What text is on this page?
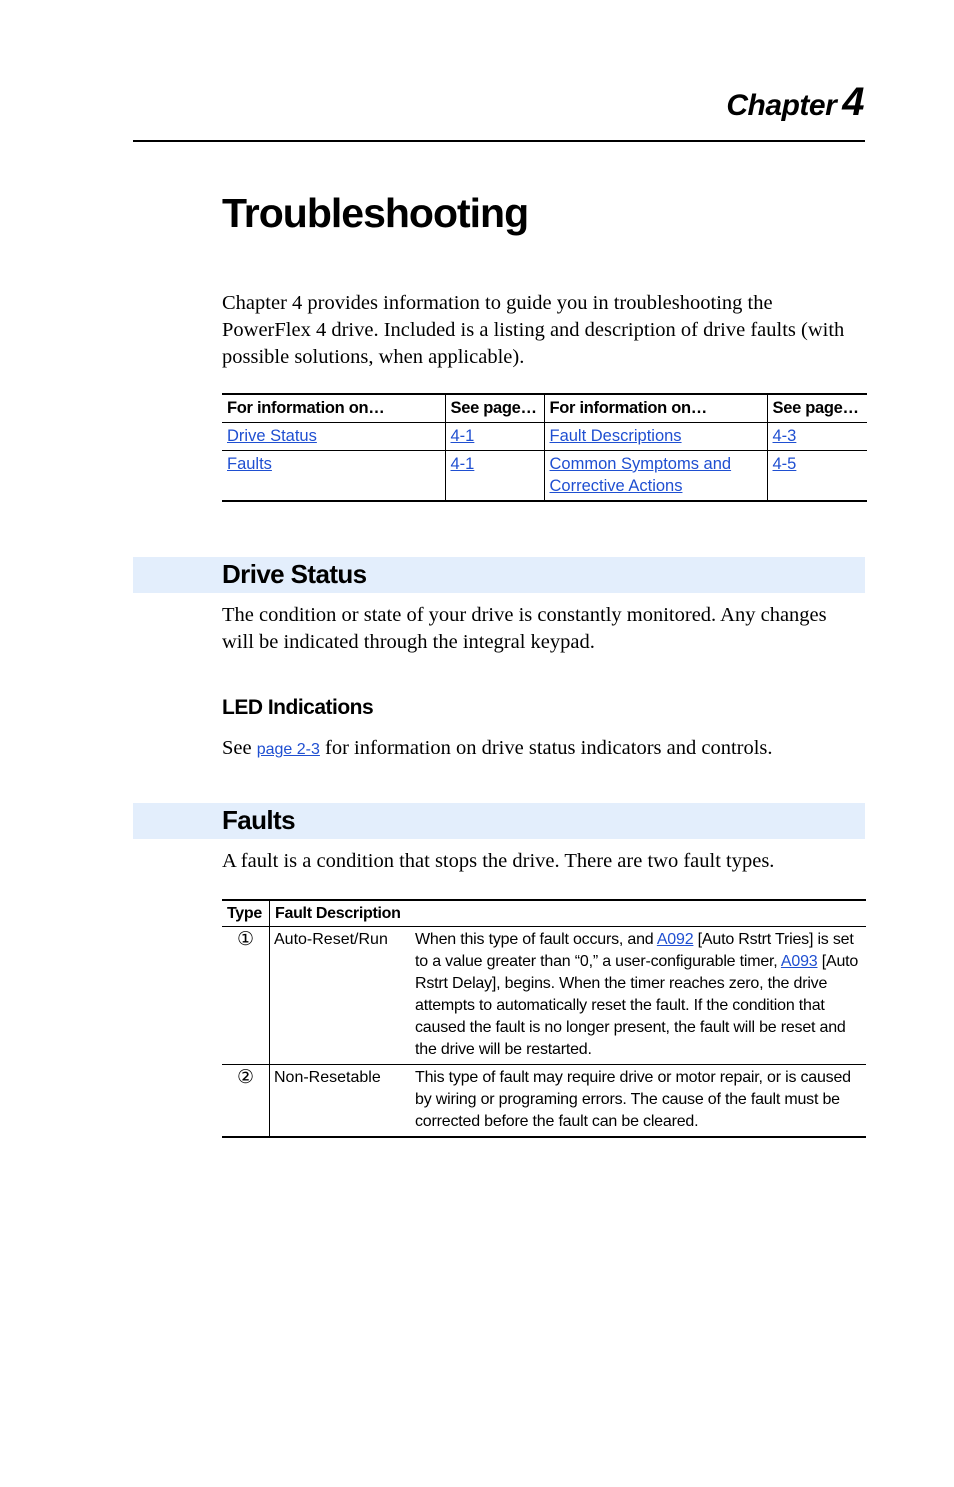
Chapter 4
Troubleshooting

Chapter 4 provides information to guide you in troubleshooting the PowerFlex 4 drive. Included is a listing and description of drive faults (with possible solutions, when applicable).

For information on…	See page…	For information on…	See page…
Drive Status	4-1	Fault Descriptions	4-3
Faults	4-1	Common Symptoms and Corrective Actions	4-5
Drive Status

The condition or state of your drive is constantly monitored. Any changes will be indicated through the integral keypad.

LED Indications

See page 2-3 for information on drive status indicators and controls.

Faults

A fault is a condition that stops the drive. There are two fault types.

Type	Fault Description	
①	Auto-Reset/Run	When this type of fault occurs, and A092 [Auto Rstrt Tries] is set to a value greater than “0,” a user-configurable timer, A093 [Auto Rstrt Delay], begins. When the timer reaches zero, the drive attempts to automatically reset the fault. If the condition that caused the fault is no longer present, the fault will be reset and the drive will be restarted.
②	Non-Resetable	This type of fault may require drive or motor repair, or is caused by wiring or programing errors. The cause of the fault must be corrected before the fault can be cleared.
